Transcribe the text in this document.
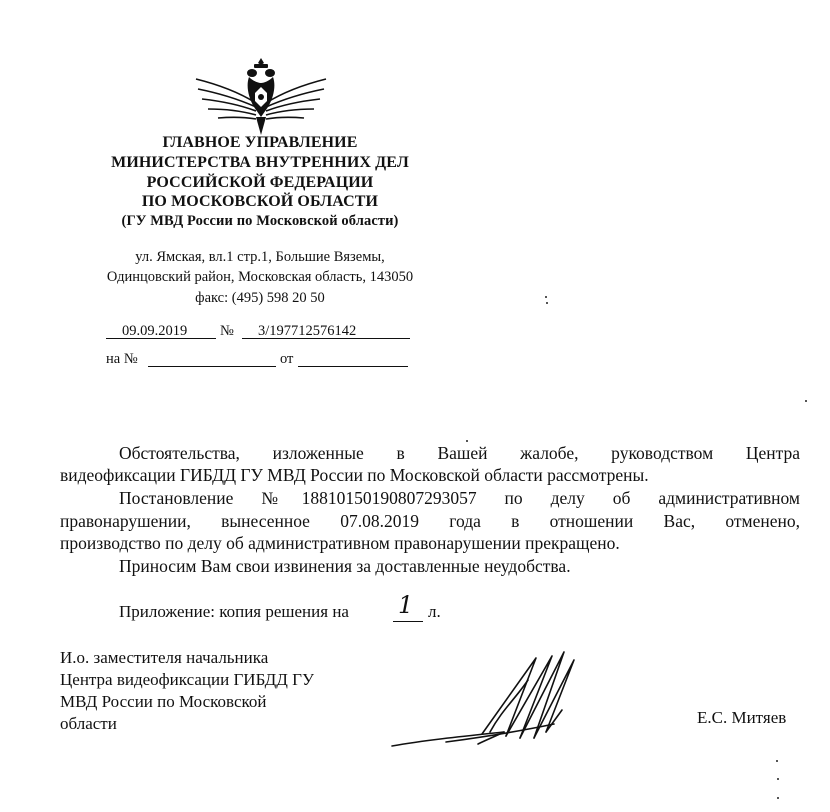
ГЛАВНОЕ УПРАВЛЕНИЕ
МИНИСТЕРСТВА ВНУТРЕННИХ ДЕЛ
РОССИЙСКОЙ ФЕДЕРАЦИИ
ПО МОСКОВСКОЙ ОБЛАСТИ
(ГУ МВД России по Московской области)
ул. Ямская, вл.1 стр.1, Большие Вяземы,
Одинцовский район, Московская область, 143050
факс: (495) 598 20 50
09.09.2019 № 3/197712576142
на №	от
Обстоятельства, изложенные в Вашей жалобе, руководством Центра
видеофиксации ГИБДД ГУ МВД России по Московской области рассмотрены.
Постановление №18810150190807293057 по делу об административном
правонарушении, вынесенное 07.08.2019 года в отношении Вас, отменено,
производство по делу об административном правонарушении прекращено.
Приносим Вам свои извинения за доставленные неудобства.
Приложение: копия решения на 1 л.
И.о. заместителя начальника
Центра видеофиксации ГИБДД ГУ
МВД России по Московской
области	Е.С. Митяев
